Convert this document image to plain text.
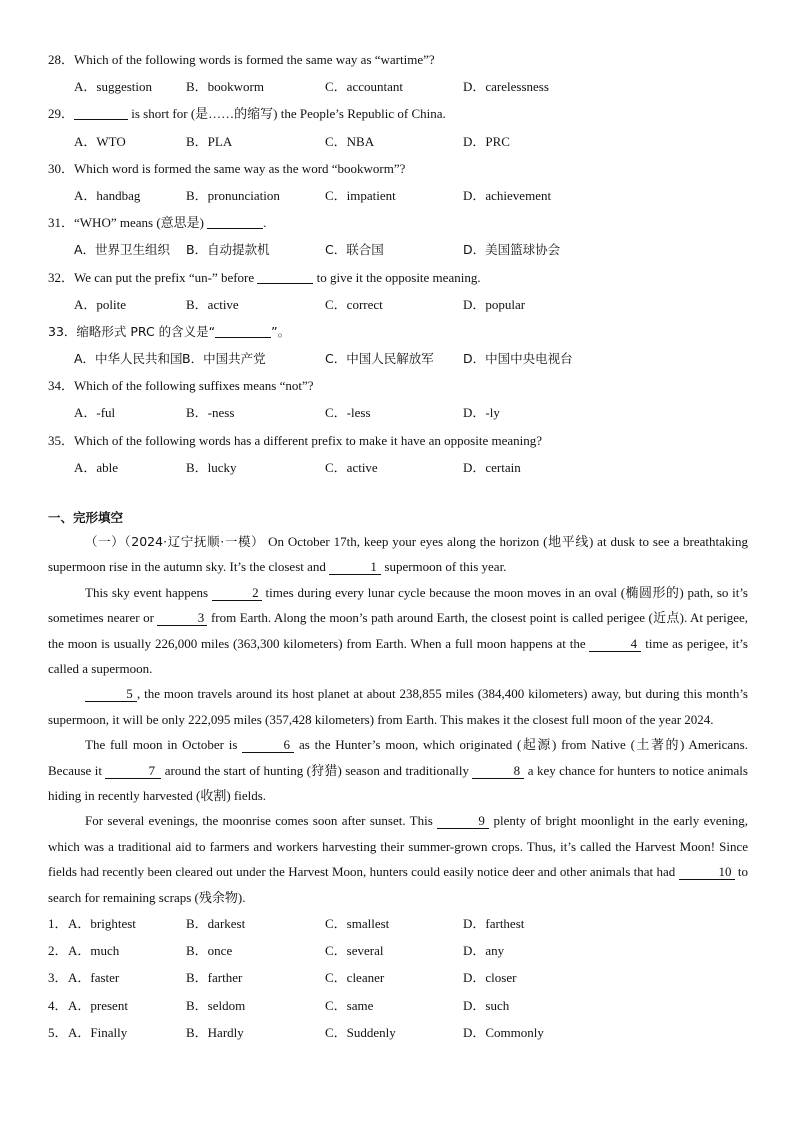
28．Which of the following words is formed the same way as “wartime”?
A．suggestion	B．bookworm	C．accountant	D．carelessness
29．	is short for (是……的缩写) the People’s Republic of China.
A．WTO	B．PLA	C．NBA	D．PRC
30．Which word is formed the same way as the word “bookworm”?
A．handbag	B．pronunciation	C．impatient	D．achievement
31．“WHO” means (意思是)	.
A．世界卫生组织 B．自动提款机	C．联合国	D．美国篮球协会
32．We can put the prefix “un-” before	to give it the opposite meaning.
A．polite	B．active	C．correct	D．popular
33．缩略形式 PRC 的含义是“	”。
A．中华人民共和国 B．中国共产党	C．中国人民解放军 D．中国中央电视台
34．Which of the following suffixes means “not”?
A．-ful	B．-ness	C．-less	D．-ly
35．Which of the following words has a different prefix to make it have an opposite meaning?
A．able	B．lucky	C．active	D．certain
一、完形填空
（一）（2024·辽宁抚顺·一模） On October 17th, keep your eyes along the horizon (地平线) at dusk to see a breathtaking supermoon rise in the autumn sky. It’s the closest and	1 supermoon of this year.
This sky event happens	2 times during every lunar cycle because the moon moves in an oval (椭圆形的) path, so it’s sometimes nearer or	3 from Earth. Along the moon’s path around Earth, the closest point is called perigee (近点). At perigee, the moon is usually 226,000 miles (363,300 kilometers) from Earth. When a full moon happens at the	4 time as perigee, it’s called a supermoon.
5 , the moon travels around its host planet at about 238,855 miles (384,400 kilometers) away, but during this month’s supermoon, it will be only 222,095 miles (357,428 kilometers) from Earth. This makes it the closest full moon of the year 2024.
The full moon in October is	6 as the Hunter’s moon, which originated (起源) from Native (土著的) Americans. Because it	7 around the start of hunting (狩猎) season and traditionally	8 a key chance for hunters to notice animals hiding in recently harvested (收割) fields.
For several evenings, the moonrise comes soon after sunset. This	9 plenty of bright moonlight in the early evening, which was a traditional aid to farmers and workers harvesting their summer-grown crops. Thus, it’s called the Harvest Moon! Since fields had recently been cleared out under the Harvest Moon, hunters could easily notice deer and other animals that had	10 to search for remaining scraps (残余物).
1． A．brightest	B．darkest	C．smallest	D．farthest
2． A．much	B．once	C．several	D．any
3． A．faster	B．farther	C．cleaner	D．closer
4． A．present	B．seldom	C．same	D．such
5． A．Finally	B．Hardly	C．Suddenly	D．Commonly
